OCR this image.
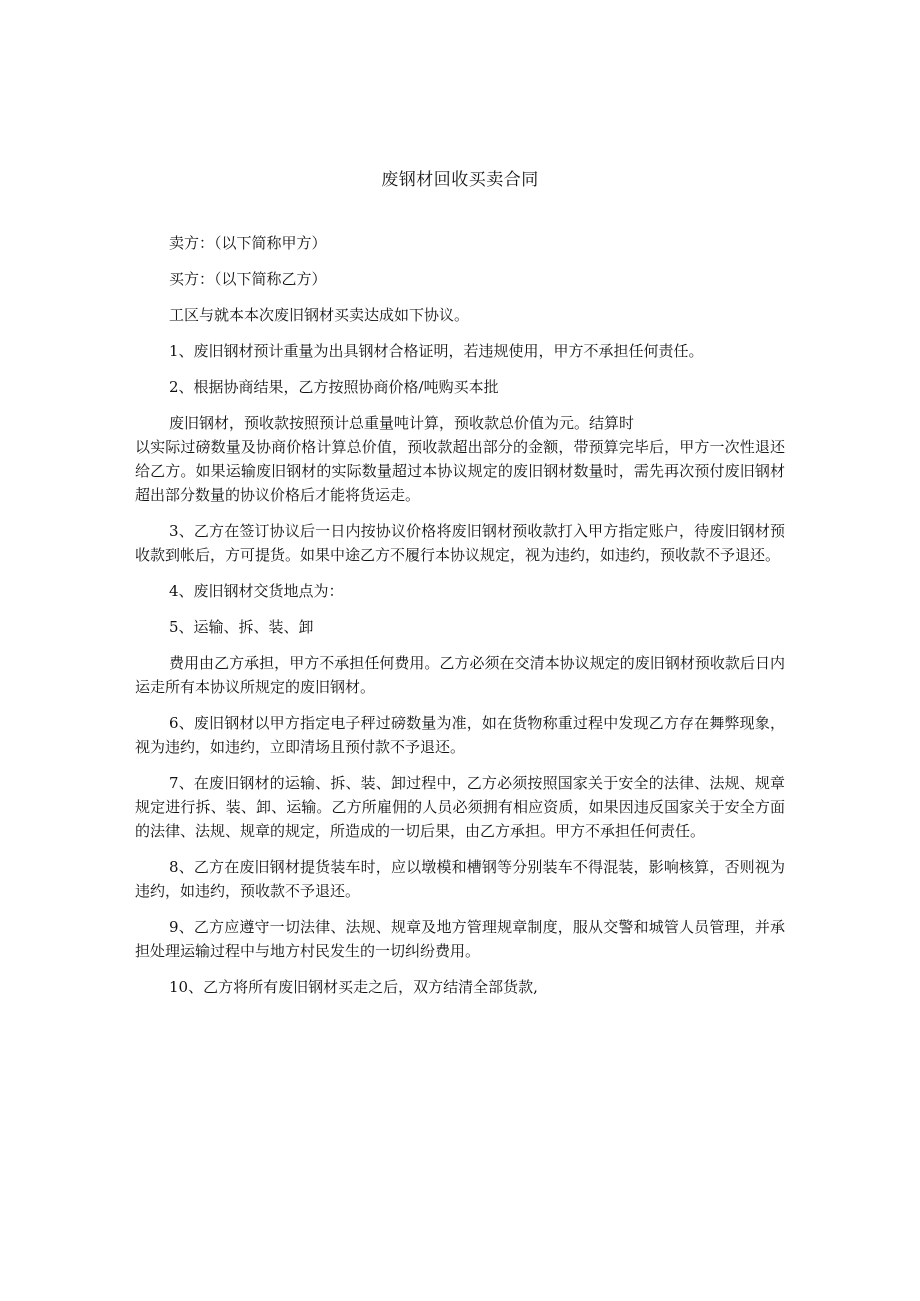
废钢材回收买卖合同

卖方：（以下简称甲方）

买方：（以下简称乙方）

工区与就本本次废旧钢材买卖达成如下协议。

1、废旧钢材预计重量为出具钢材合格证明，若违规使用，甲方不承担任何责任。

2、根据协商结果，乙方按照协商价格/吨购买本批

废旧钢材，预收款按照预计总重量吨计算，预收款总价值为元。结算时

以实际过磅数量及协商价格计算总价值，预收款超出部分的金额，带预算完毕后，甲方一次性退还给乙方。如果运输废旧钢材的实际数量超过本协议规定的废旧钢材数量时，需先再次预付废旧钢材超出部分数量的协议价格后才能将货运走。

3、乙方在签订协议后一日内按协议价格将废旧钢材预收款打入甲方指定账户，待废旧钢材预收款到帐后，方可提货。如果中途乙方不履行本协议规定，视为违约，如违约，预收款不予退还。

4、废旧钢材交货地点为：

5、运输、拆、装、卸

费用由乙方承担，甲方不承担任何费用。乙方必须在交清本协议规定的废旧钢材预收款后日内运走所有本协议所规定的废旧钢材。

6、废旧钢材以甲方指定电子秤过磅数量为准，如在货物称重过程中发现乙方存在舞弊现象，视为违约，如违约，立即清场且预付款不予退还。

7、在废旧钢材的运输、拆、装、卸过程中，乙方必须按照国家关于安全的法律、法规、规章规定进行拆、装、卸、运输。乙方所雇佣的人员必须拥有相应资质，如果因违反国家关于安全方面的法律、法规、规章的规定，所造成的一切后果，由乙方承担。甲方不承担任何责任。

8、乙方在废旧钢材提货装车时，应以墩模和槽钢等分别装车不得混装，影响核算，否则视为违约，如违约，预收款不予退还。

9、乙方应遵守一切法律、法规、规章及地方管理规章制度，服从交警和城管人员管理，并承担处理运输过程中与地方村民发生的一切纠纷费用。

10、乙方将所有废旧钢材买走之后，双方结清全部货款,
